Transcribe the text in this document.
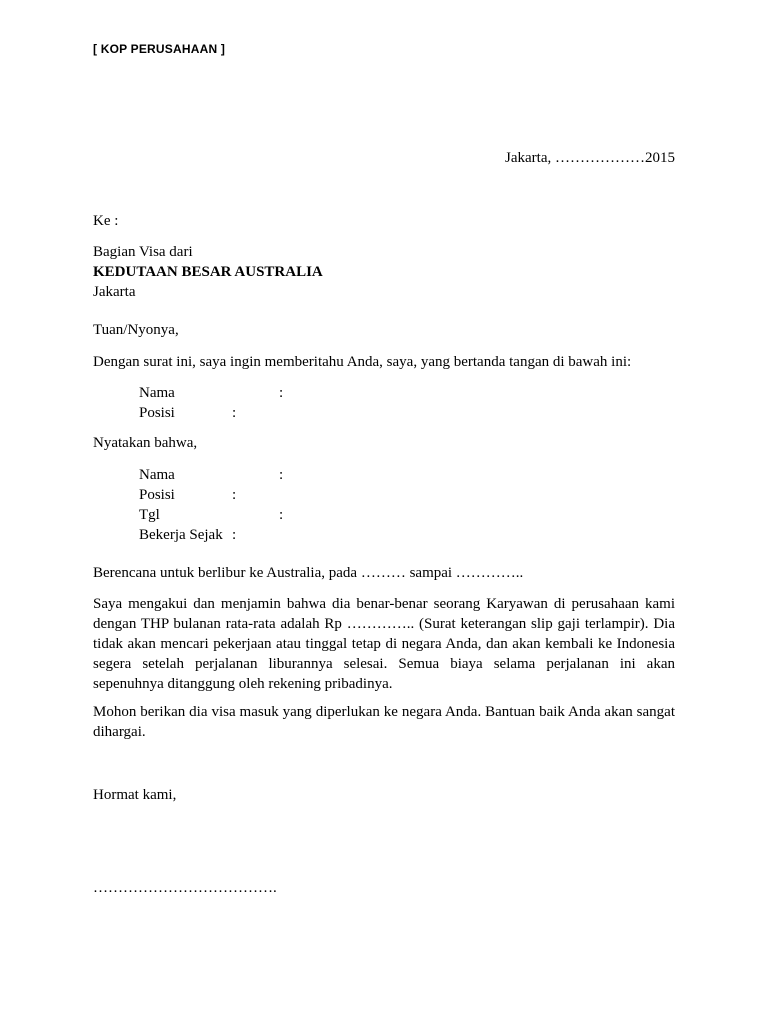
[ KOP PERUSAHAAN ]
Jakarta, ………………2015
Ke :
Bagian Visa dari
KEDUTAAN BESAR AUSTRALIA
Jakarta
Tuan/Nyonya,
Dengan surat ini, saya ingin memberitahu Anda, saya, yang bertanda tangan di bawah ini:
Nama	:
Posisi	:
Nyatakan bahwa,
Nama	:
Posisi	:
Tgl	:
Bekerja Sejak :
Berencana untuk berlibur ke Australia, pada ……… sampai …………..
Saya mengakui dan menjamin bahwa dia benar-benar seorang Karyawan di perusahaan kami dengan THP bulanan rata-rata adalah Rp ………….. (Surat keterangan slip gaji terlampir). Dia tidak akan mencari pekerjaan atau tinggal tetap di negara Anda, dan akan kembali ke Indonesia segera setelah perjalanan liburannya selesai. Semua biaya selama perjalanan ini akan sepenuhnya ditanggung oleh rekening pribadinya.
Mohon berikan dia visa masuk yang diperlukan ke negara Anda. Bantuan baik Anda akan sangat dihargai.
Hormat kami,
……………………………….
